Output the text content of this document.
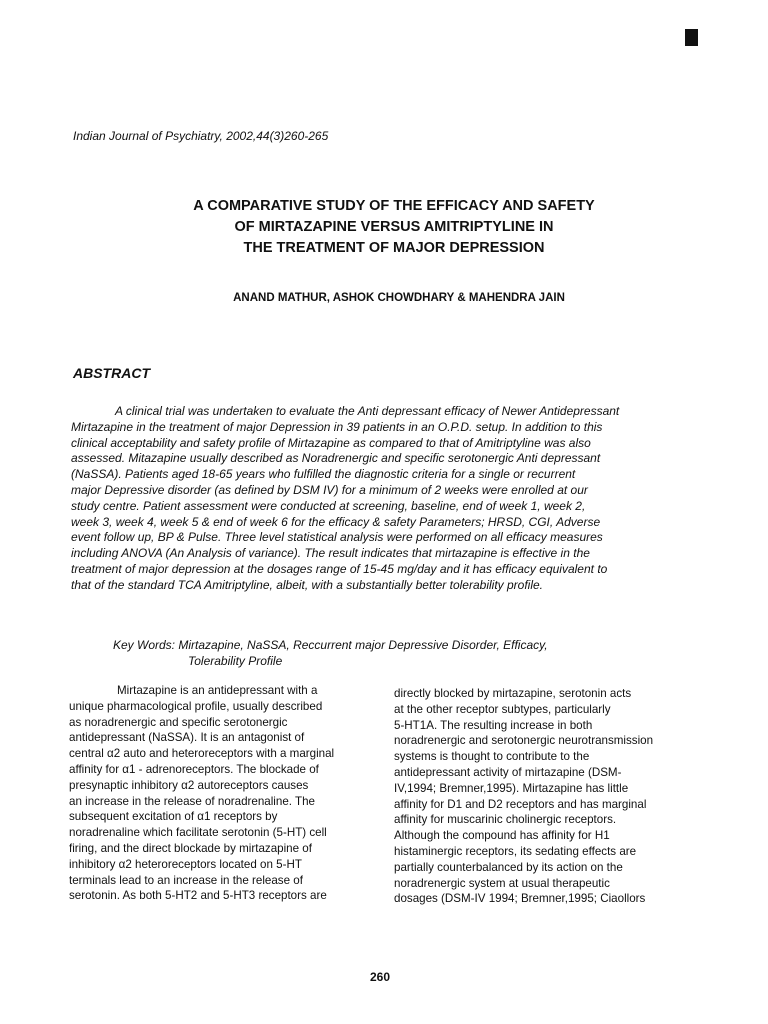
Indian Journal of Psychiatry, 2002,44(3)260-265
A COMPARATIVE STUDY OF THE EFFICACY AND SAFETY
OF MIRTAZAPINE VERSUS AMITRIPTYLINE IN
THE TREATMENT OF MAJOR DEPRESSION
ANAND MATHUR, ASHOK CHOWDHARY & MAHENDRA JAIN
ABSTRACT
A clinical trial was undertaken to evaluate the Anti depressant efficacy of Newer Antidepressant
Mirtazapine in the treatment of major Depression in 39 patients in an O.P.D. setup. In addition to this
clinical acceptability and safety profile of Mirtazapine as compared to that of Amitriptyline was also
assessed. Mitazapine usually described as Noradrenergic and specific serotonergic Anti depressant
(NaSSA). Patients aged 18-65 years who fulfilled the diagnostic criteria for a single or recurrent
major Depressive disorder (as defined by DSM IV) for a minimum of 2 weeks were enrolled at our
study centre. Patient assessment were conducted at screening, baseline, end of week 1, week 2,
week 3, week 4, week 5 & end of week 6 for the efficacy & safety Parameters; HRSD, CGI, Adverse
event follow up, BP & Pulse. Three level statistical analysis were performed on all efficacy measures
including ANOVA (An Analysis of variance). The result indicates that mirtazapine is effective in the
treatment of major depression at the dosages range of 15-45 mg/day and it has efficacy equivalent to
that of the standard TCA Amitriptyline, albeit, with a substantially better tolerability profile.
Key Words: Mirtazapine, NaSSA, Reccurrent major Depressive Disorder, Efficacy,
Tolerability Profile
Mirtazapine is an antidepressant with a
unique pharmacological profile, usually described
as noradrenergic and specific serotonergic
antidepressant (NaSSA). It is an antagonist of
central α2 auto and heteroreceptors with a marginal
affinity for α1 - adrenoreceptors. The blockade of
presynaptic inhibitory α2 autoreceptors causes
an increase in the release of noradrenaline. The
subsequent excitation of α1 receptors by
noradrenaline which facilitate serotonin (5-HT) cell
firing, and the direct blockade by mirtazapine of
inhibitory α2 heteroreceptors located on 5-HT
terminals lead to an increase in the release of
serotonin. As both 5-HT2 and 5-HT3 receptors are
directly blocked by mirtazapine, serotonin acts
at the other receptor subtypes, particularly
5-HT1A. The resulting increase in both
noradrenergic and serotonergic neurotransmission
systems is thought to contribute to the
antidepressant activity of mirtazapine (DSM-
IV,1994; Bremner,1995). Mirtazapine has little
affinity for D1 and D2 receptors and has marginal
affinity for muscarinic cholinergic receptors.
Although the compound has affinity for H1
histaminergic receptors, its sedating effects are
partially counterbalanced by its action on the
noradrenergic system at usual therapeutic
dosages (DSM-IV 1994; Bremner,1995; Ciaollors
260
